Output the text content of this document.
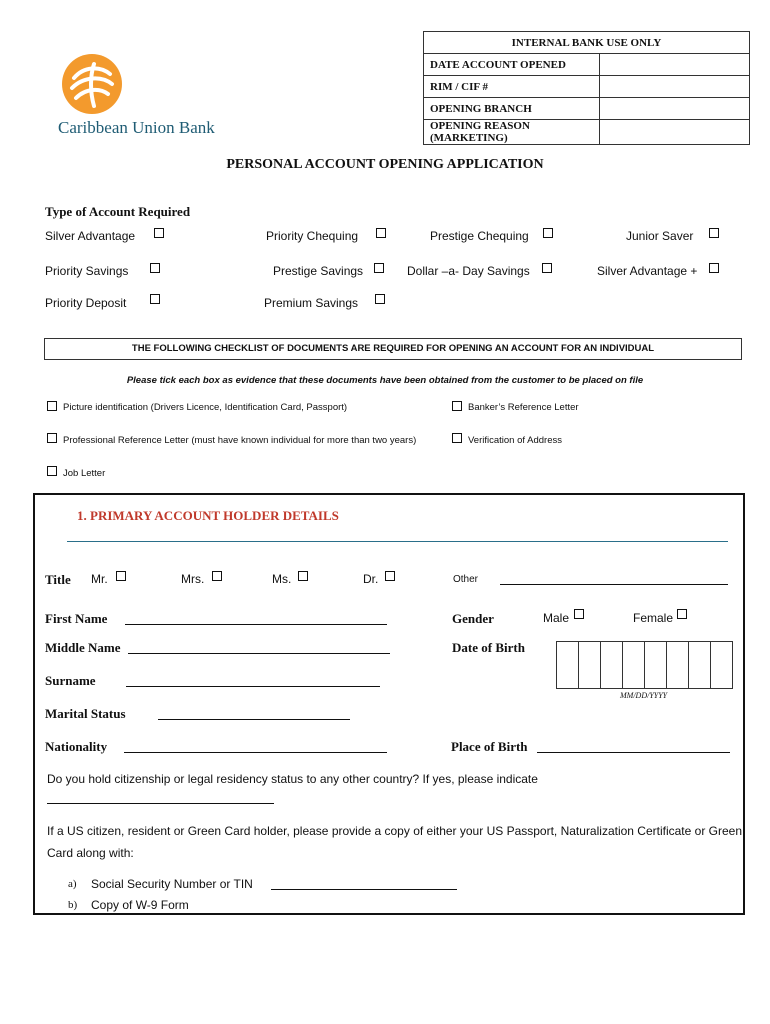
Caribbean Union Bank
INTERNAL BANK USE ONLY	
DATE ACCOUNT OPENED	
RIM / CIF #	
OPENING BRANCH	
OPENING REASON (MARKETING)	
PERSONAL ACCOUNT OPENING APPLICATION
Type of Account Required
Silver Advantage	Priority Chequing	Prestige Chequing	Junior Saver
Priority Savings	Prestige Savings	Dollar –a- Day Savings	Silver Advantage +
Priority Deposit	Premium Savings
THE FOLLOWING CHECKLIST OF DOCUMENTS ARE REQUIRED FOR OPENING AN ACCOUNT FOR AN INDIVIDUAL
Please tick each box as evidence that these documents have been obtained from the customer to be placed on file
Picture identification (Drivers Licence, Identification Card, Passport)	Banker’s Reference Letter
Professional Reference Letter (must have known individual for more than two years)	Verification of Address
Job Letter
1. PRIMARY ACCOUNT HOLDER DETAILS
Title Mr.	Mrs.	Ms.	Dr.	Other
First Name	Gender	Male	Female
Middle Name	Date of Birth
MM/DD/YYYY
Surname
Marital Status
Nationality	Place of Birth
Do you hold citizenship or legal residency status to any other country? If yes, please indicate
If a US citizen, resident or Green Card holder, please provide a copy of either your US Passport, Naturalization Certificate or Green Card along with:
a) Social Security Number or TIN
b) Copy of W-9 Form
